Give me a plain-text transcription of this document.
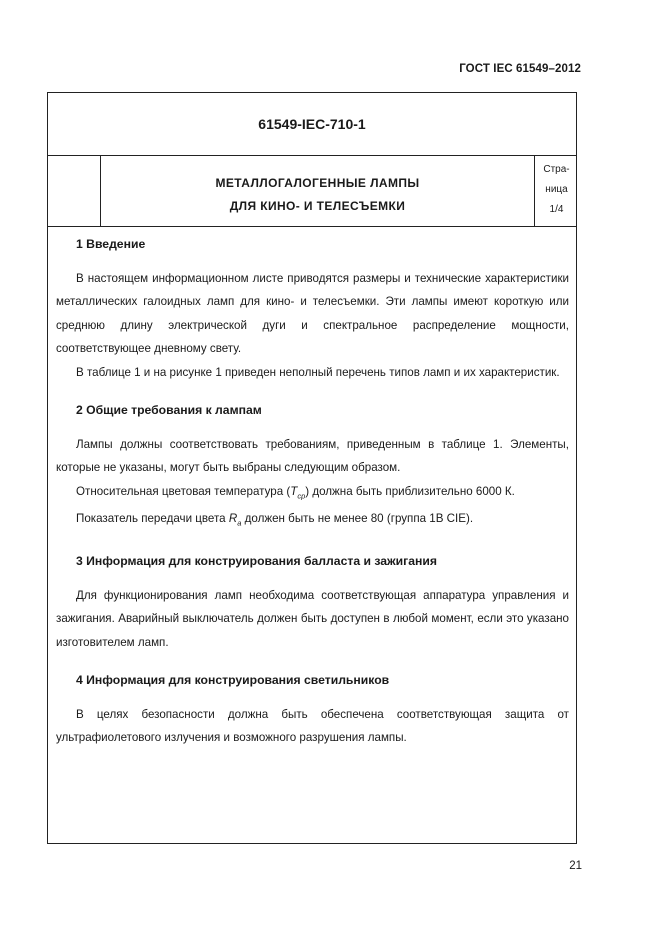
ГОСТ IEC 61549–2012
61549-IEC-710-1
МЕТАЛЛОГАЛОГЕННЫЕ ЛАМПЫ
ДЛЯ КИНО- И ТЕЛЕСЪЕМКИ
Стра-
ница
1/4
1 Введение

В настоящем информационном листе приводятся размеры и технические характеристики металлических галоидных ламп для кино- и телесъемки. Эти лампы имеют короткую или среднюю длину электрической дуги и спектральное распределение мощности, соответствующее дневному свету.

В таблице 1 и на рисунке 1 приведен неполный перечень типов ламп и их характеристик.

2 Общие требования к лампам

Лампы должны соответствовать требованиям, приведенным в таблице 1. Элементы, которые не указаны, могут быть выбраны следующим образом.

Относительная цветовая температура $(T_{cp})$ должна быть приблизительно 6000 К.

Показатель передачи цвета $R_a$ должен быть не менее 80 (группа 1В CIE).

3 Информация для конструирования балласта и зажигания

Для функционирования ламп необходима соответствующая аппаратура управления и зажигания. Аварийный выключатель должен быть доступен в любой момент, если это указано изготовителем ламп.

4 Информация для конструирования светильников

В целях безопасности должна быть обеспечена соответствующая защита от ультрафиолетового излучения и возможного разрушения лампы.

21
